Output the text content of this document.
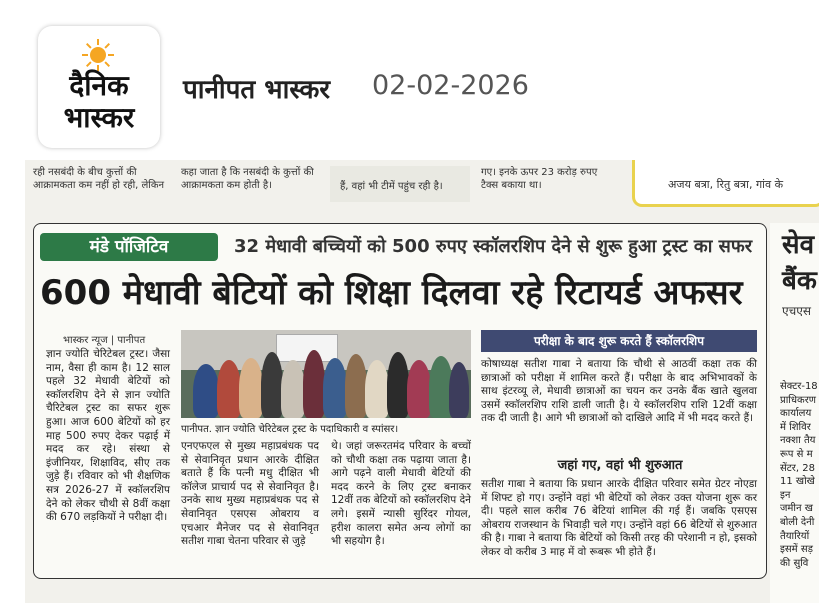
दैनिक
भास्कर
पानीपत भास्कर 02-02-2026
रही नसबंदी के बीच कुत्तों की
आक्रामकता कम नहीं हो रही, लेकिन
कहा जाता है कि नसबंदी के कुत्तों की
आक्रामकता कम होती है।	हैं, वहां भी टीमें पहुंच रही है।
गए। इनके ऊपर 23 करोड़ रुपए
टैक्स बकाया था।	अजय बत्रा, रितु बत्रा, गांव के
मंडे पॉजिटिव	32 मेधावी बच्चियों को 500 रुपए स्कॉलरशिप देने से शुरू हुआ ट्रस्ट का सफर
600 मेधावी बेटियों को शिक्षा दिलवा रहे रिटायर्ड अफसर
भास्कर न्यूज | पानीपत
ज्ञान ज्योति चेरिटेबल ट्रस्ट। जैसा नाम, वैसा ही काम है। 12 साल पहले 32 मेधावी बेटियों को स्कॉलरशिप देने से ज्ञान ज्योति चैरिटेबल ट्रस्ट का सफर शुरू हुआ। आज 600 बेटियों को हर माह 500 रुपए देकर पढ़ाई में मदद कर रहे। संस्था से इंजीनियर, शिक्षाविद, सीए तक जुड़े हैं। रविवार को भी शैक्षणिक सत्र 2026-27 में स्कॉलरशिप देने को लेकर चौथी से 8वीं कक्षा की 670 लड़कियों ने परीक्षा दी।
पानीपत. ज्ञान ज्योति चेरिटेबल ट्रस्ट के पदाधिकारी व स्पांसर।
एनएफएल से मुख्य महाप्रबंधक पद से सेवानिवृत प्रधान आरके दीक्षित बताते हैं कि पत्नी मधु दीक्षित भी कॉलेज प्राचार्य पद से सेवानिवृत है। उनके साथ मुख्य महाप्रबंधक पद से सेवानिवृत एसएस ओबराय व एचआर मैनेजर पद से सेवानिवृत सतीश गाबा चेतना परिवार से जुड़े
थे। जहां जरूरतमंद परिवार के बच्चों को चौथी कक्षा तक पढ़ाया जाता है। आगे पढ़ने वाली मेधावी बेटियों की मदद करने के लिए ट्रस्ट बनाकर 12वीं तक बेटियों को स्कॉलरशिप देने लगे। इसमें न्यासी सुरिंदर गोयल, हरीश कालरा समेत अन्य लोगों का भी सहयोग है।
परीक्षा के बाद शुरू करते हैं स्कॉलरशिप
कोषाध्यक्ष सतीश गाबा ने बताया कि चौथी से आठवीं कक्षा तक की छात्राओं को परीक्षा में शामिल करते हैं। परीक्षा के बाद अभिभावकों के साथ इंटरव्यू ले, मेधावी छात्राओं का चयन कर उनके बैंक खाते खुलवा उसमें स्कॉलरशिप राशि डाली जाती है। ये स्कॉलरशिप राशि 12वीं कक्षा तक दी जाती है। आगे भी छात्राओं को दाखिले आदि में भी मदद करते हैं।
जहां गए, वहां भी शुरुआत
सतीश गाबा ने बताया कि प्रधान आरके दीक्षित परिवार समेत ग्रेटर नोएडा में शिफ्ट हो गए। उन्होंने वहां भी बेटियों को लेकर उक्त योजना शुरू कर दी। पहले साल करीब 76 बेटियां शामिल की गई हैं। जबकि एसएस ओबराय राजस्थान के भिवाड़ी चले गए। उन्होंने वहां 66 बेटियों से शुरुआत की है। गाबा ने बताया कि बेटियों को किसी तरह की परेशानी न हो, इसको लेकर वो करीब 3 माह में वो रूबरू भी होते हैं।
सेव
बैंक
एचएस
सेक्टर-18
प्राधिकरण
कार्यालय
में शिविर
नक्शा तैय
रूप से म
सेंटर, 28
11 खोखे
इन
जमीन ख
बोली देनी
तैयारियों
इसमें सड़
की सुवि
